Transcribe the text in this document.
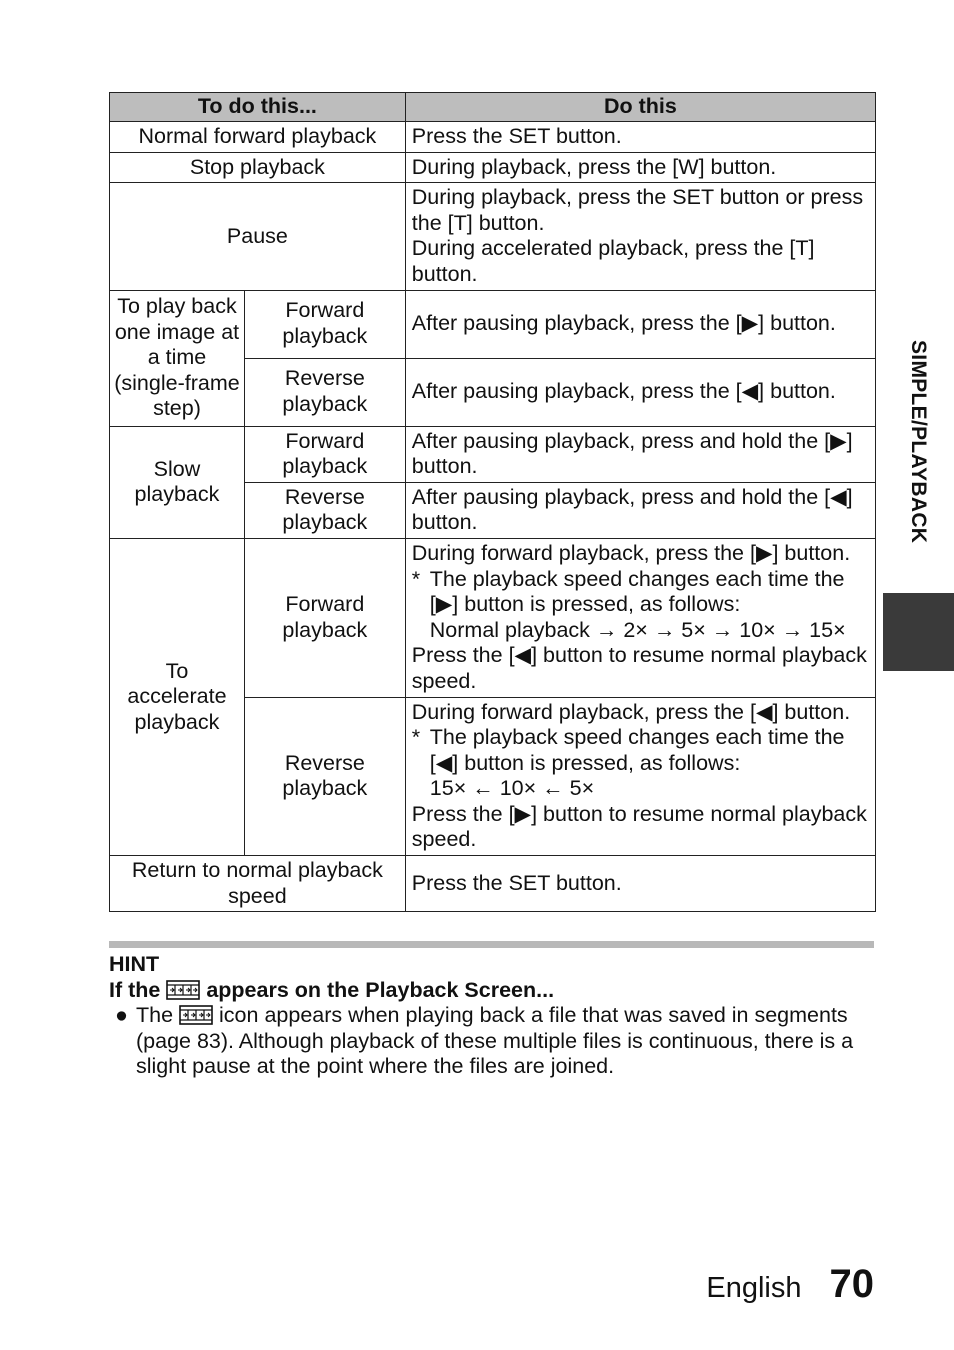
To do this...		Do this
Normal forward playback		Press the SET button.
Stop playback		During playback, press the [W] button.
Pause		During playback, press the SET button or press the [T] button.
During accelerated playback, press the [T] button.

To play back one image at a time (single-frame step)	Forward playback	After pausing playback, press the [▶] button.
	Reverse playback	After pausing playback, press the [◀] button.
Slow playback	Forward playback	After pausing playback, press and hold the [▶] button.
	Reverse playback	After pausing playback, press and hold the [◀] button.
To accelerate playback	Forward playback	During forward playback, press the [▶] button.
* The playback speed changes each time the [▶] button is pressed, as follows:
Normal playback → 2× → 5× → 10× → 15×
Press the [◀] button to resume normal playback speed.

	Reverse playback	During forward playback, press the [◀] button.
* The playback speed changes each time the [◀] button is pressed, as follows:
15× ← 10× ← 5×
Press the [▶] button to resume normal playback speed.

Return to normal playback speed		Press the SET button.
SIMPLE/PLAYBACK
HINT
If the appears on the Playback Screen...
● The icon appears when playing back a file that was saved in segments (page 83). Although playback of these multiple files is continuous, there is a slight pause at the point where the files are joined.
English 70
